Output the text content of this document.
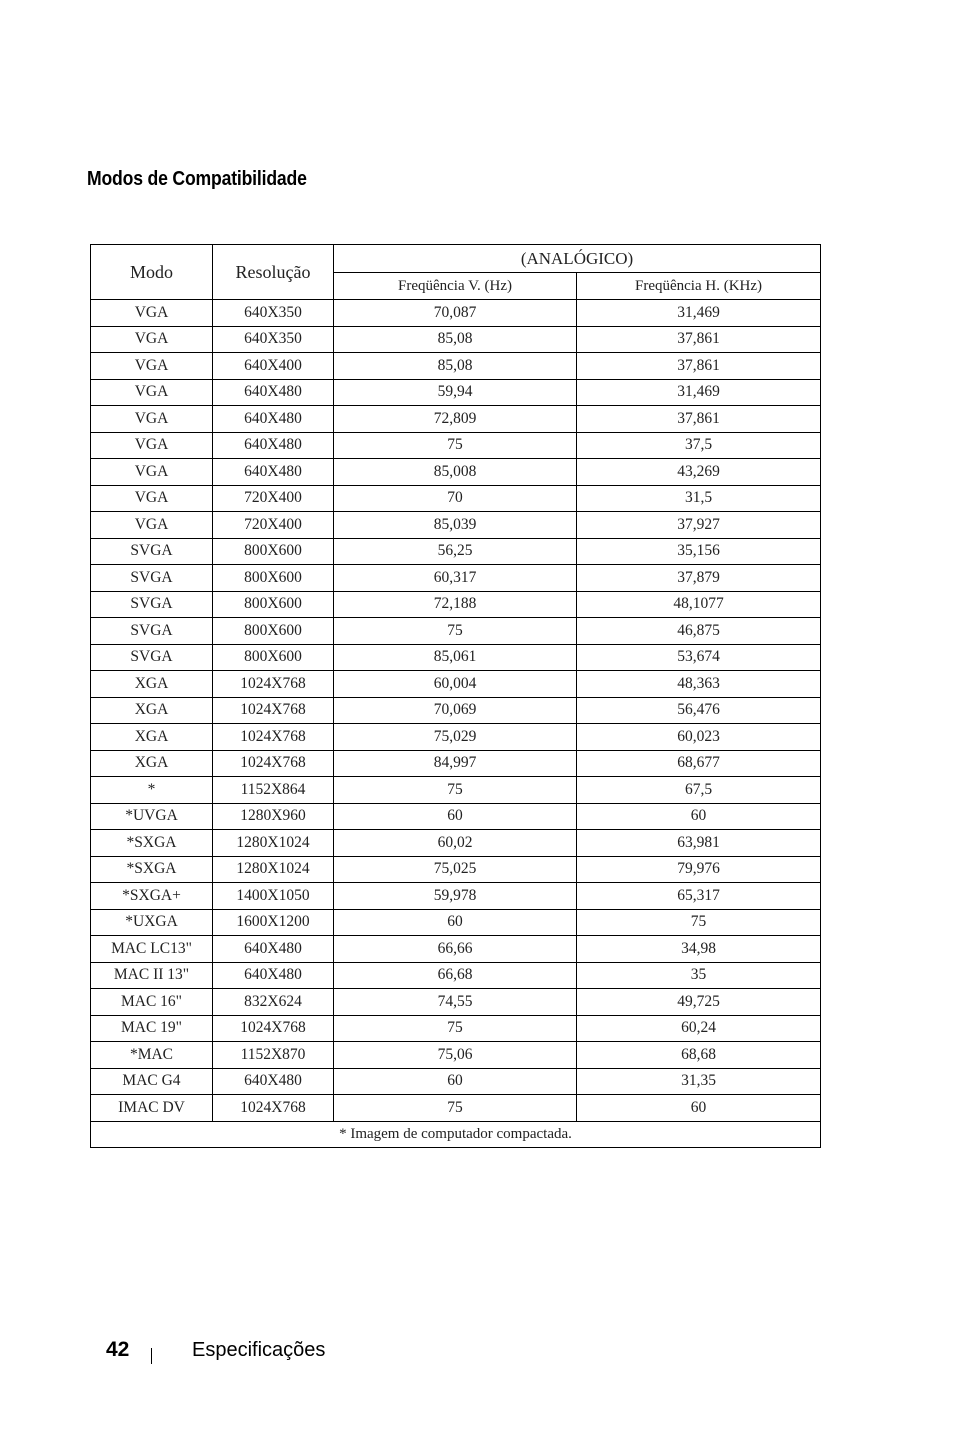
Modos de Compatibilidade
Modo	Resolução	(ANALÓGICO)	
		Freqüência V. (Hz)	Freqüência H. (KHz)
VGA	640X350	70,087	31,469
VGA	640X350	85,08	37,861
VGA	640X400	85,08	37,861
VGA	640X480	59,94	31,469
VGA	640X480	72,809	37,861
VGA	640X480	75	37,5
VGA	640X480	85,008	43,269
VGA	720X400	70	31,5
VGA	720X400	85,039	37,927
SVGA	800X600	56,25	35,156
SVGA	800X600	60,317	37,879
SVGA	800X600	72,188	48,1077
SVGA	800X600	75	46,875
SVGA	800X600	85,061	53,674
XGA	1024X768	60,004	48,363
XGA	1024X768	70,069	56,476
XGA	1024X768	75,029	60,023
XGA	1024X768	84,997	68,677
*	1152X864	75	67,5
*UVGA	1280X960	60	60
*SXGA	1280X1024	60,02	63,981
*SXGA	1280X1024	75,025	79,976
*SXGA+	1400X1050	59,978	65,317
*UXGA	1600X1200	60	75
MAC LC13"	640X480	66,66	34,98
MAC II 13"	640X480	66,68	35
MAC 16"	832X624	74,55	49,725
MAC 19"	1024X768	75	60,24
*MAC	1152X870	75,06	68,68
MAC G4	640X480	60	31,35
IMAC DV	1024X768	75	60
* Imagem de computador compactada.			
42	Especificações
